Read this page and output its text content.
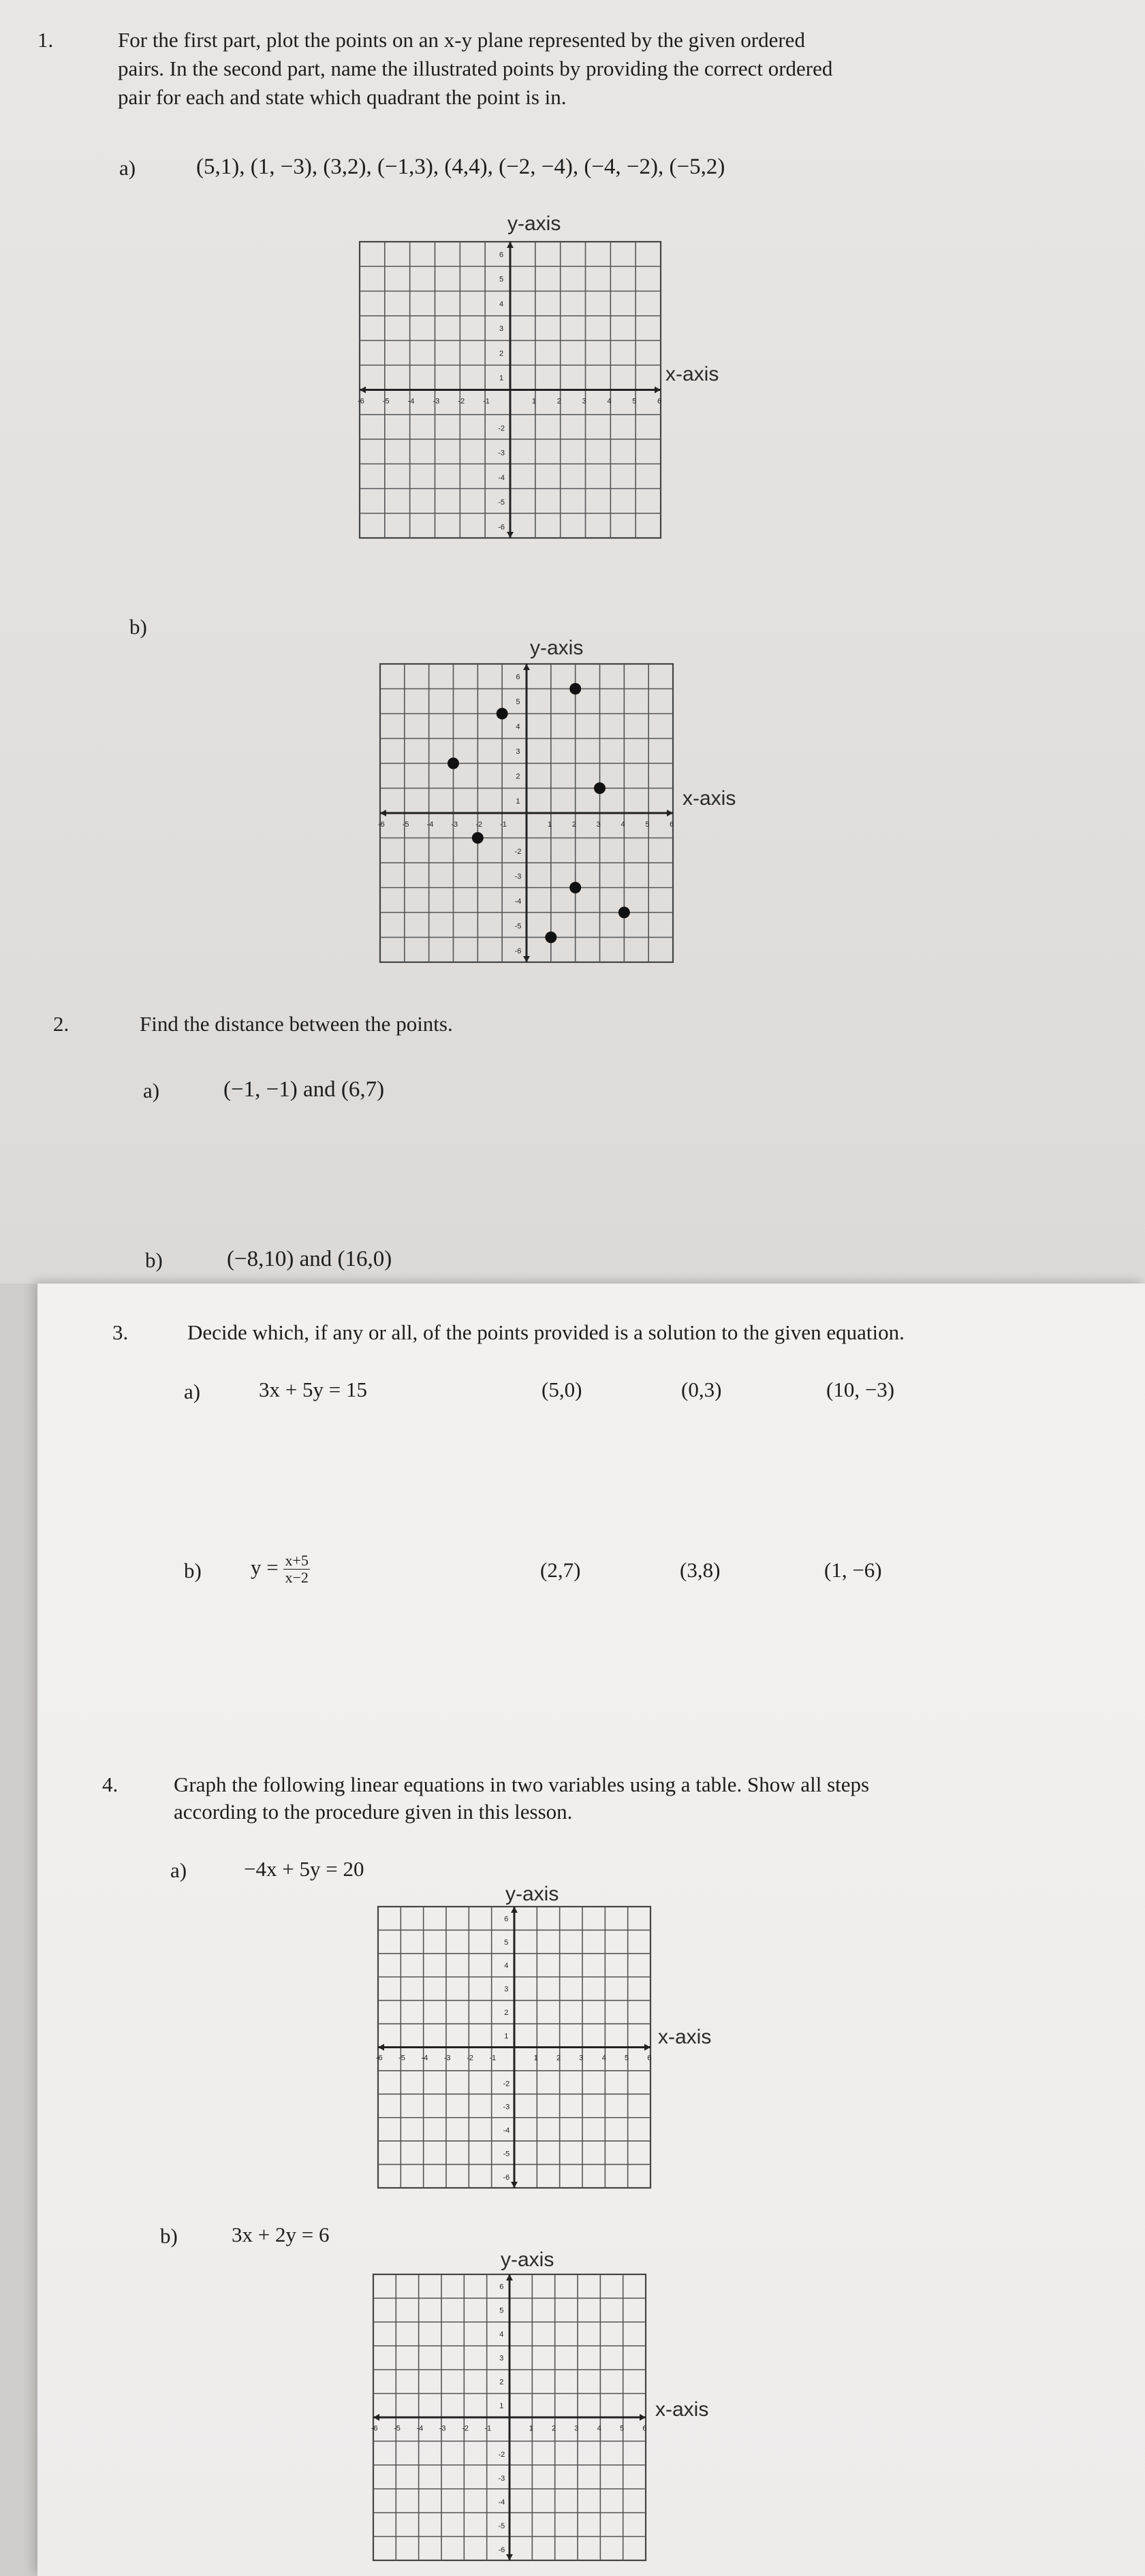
1.	For the first part, plot the points on an x-y plane represented by the given ordered
pairs. In the second part, name the illustrated points by providing the correct ordered
pair for each and state which quadrant the point is in.
a)	(5,1), (1, −3), (3,2), (−1,3), (4,4), (−2, −4), (−4, −2), (−5,2)
y-axis
x-axis
-6 -5 -4 -3 -2 -1	1	2	3	4	5	6
6
5
4
3
2
1
-2
-3
-4
-5
-6
b)
y-axis
x-axis
-6 -5 -4 -3 -2 -1	1	2	3	4	5	6
6
5
4
3
2
1
-2
-3
-4
-5
-6
2.	Find the distance between the points.
a)	(−1, −1) and (6,7)
b)	(−8,10) and (16,0)
3.	Decide which, if any or all, of the points provided is a solution to the given equation.
a)	3x + 5y = 15	(5,0)	(0,3)	(10, −3)
b) $y = \frac{x+5}{x-2}$	(2,7)	(3,8)	(1, −6)
4.	Graph the following linear equations in two variables using a table. Show all steps
according to the procedure given in this lesson.
a)	−4x + 5y = 20
y-axis
x-axis
-6 -5 -4 -3 -2 -1	1 2 3 4 5 6
6
5
4
3
2
1
-2
-3
-4
-5
-6
b)	3x + 2y = 6
y-axis
x-axis
-6 -5 -4 -3 -2 -1	1 2 3 4 5 6
6
5
4
3
2
1
-2
-3
-4
-5
-6
